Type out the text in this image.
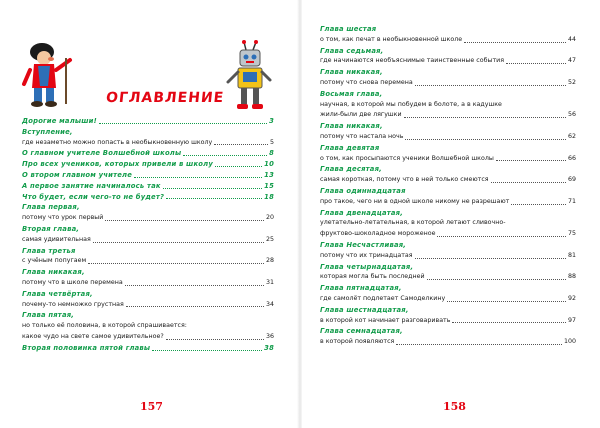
ОГЛАВЛЕНИЕ
Дорогие малыши!	3
Вступление,
где незаметно можно попасть в необыкновенную школу	5
О главном учителе Волшебной школы	8
Про всех учеников, которых привели в школу	10
О втором главном учителе	13
А первое занятие начиналось так	15
Что будет, если чего-то не будет?	18
Глава первая,
потому что урок первый	20
Вторая глава,
самая удивительная	25
Глава третья
с учёным попугаем	28
Глава никакая,
потому что в школе перемена	31
Глава четвёртая,
почему-то немножко грустная	34
Глава пятая,
но только её половина, в которой спрашивается:
какое чудо на свете самое удивительное?	36
Вторая половинка пятой главы	38
157
Глава шестая
о том, как печат в необыкновенной школе	44
Глава седьмая,
где начинаются необъяснимые таинственные события	47
Глава никакая,
потому что снова перемена	52
Восьмая глава,
научная, в которой мы побудем в болоте, а в кадушке
жили-были две лягушки	56
Глава никакая,
потому что настала ночь	62
Глава девятая
о том, как просыпаются ученики Волшебной школы	66
Глава десятая,
самая короткая, потому что в ней только смеются	69
Глава одиннадцатая
про такое, чего ни в одной школе никому не разрешают	71
Глава двенадцатая,
улетательно-летательная, в которой летают сливочно-
фруктово-шоколадное мороженое	75
Глава Несчастливая,
потому что их тринадцатая	81
Глава четырнадцатая,
которая могла быть последней	88
Глава пятнадцатая,
где самолёт подлетает Самоделкину	92
Глава шестнадцатая,
в которой кот начинает разговаривать	97
Глава семнадцатая,
в которой появляются	100
158
